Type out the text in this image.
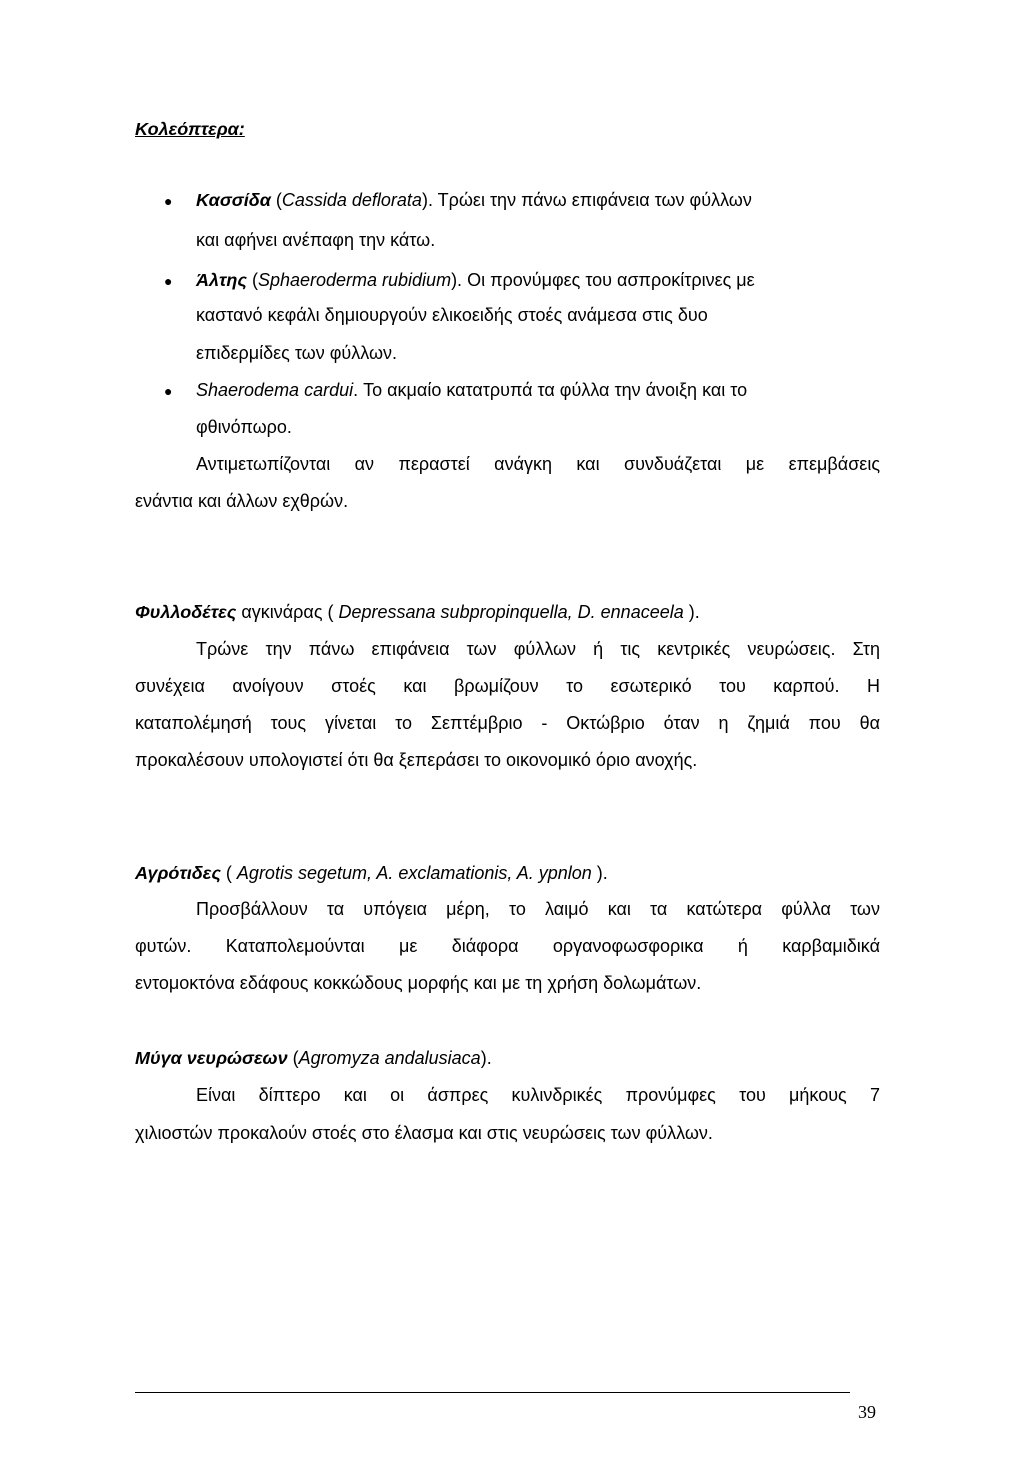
Κολεόπτερα:
● Κασσίδα (Cassida deflorata). Τρώει την πάνω επιφάνεια των φύλλων
και αφήνει ανέπαφη την κάτω.
● Άλτης (Sphaeroderma rubidium). Οι προνύμφες του ασπροκίτρινες με
καστανό κεφάλι δημιουργούν ελικοειδής στοές ανάμεσα στις δυο
επιδερμίδες των φύλλων.
● Shaerodema cardui. Το ακμαίο κατατρυπά τα φύλλα την άνοιξη και το
φθινόπωρο.
Αντιμετωπίζονται αν περαστεί ανάγκη και συνδυάζεται με επεμβάσεις
ενάντια και άλλων εχθρών.
Φυλλοδέτες αγκινάρας ( Depressana subpropinquella, D. ennaceela ).
Τρώνε την πάνω επιφάνεια των φύλλων ή τις κεντρικές νευρώσεις. Στη
συνέχεια ανοίγουν στοές και βρωμίζουν το εσωτερικό του καρπού. Η
καταπολέμησή τους γίνεται το Σεπτέμβριο - Οκτώβριο όταν η ζημιά που θα
προκαλέσουν υπολογιστεί ότι θα ξεπεράσει το οικονομικό όριο ανοχής.
Αγρότιδες ( Agrotis segetum, A. exclamationis, A. ypnlon ).
Προσβάλλουν τα υπόγεια μέρη, το λαιμό και τα κατώτερα φύλλα των
φυτών. Καταπολεμούνται με διάφορα οργανοφωσφορικα ή καρβαμιδικά
εντομοκτόνα εδάφους κοκκώδους μορφής και με τη χρήση δολωμάτων.
Μύγα νευρώσεων (Agromyza andalusiaca).
Είναι δίπτερο και οι άσπρες κυλινδρικές προνύμφες του μήκους 7
χιλιοστών προκαλούν στοές στο έλασμα και στις νευρώσεις των φύλλων.
39
